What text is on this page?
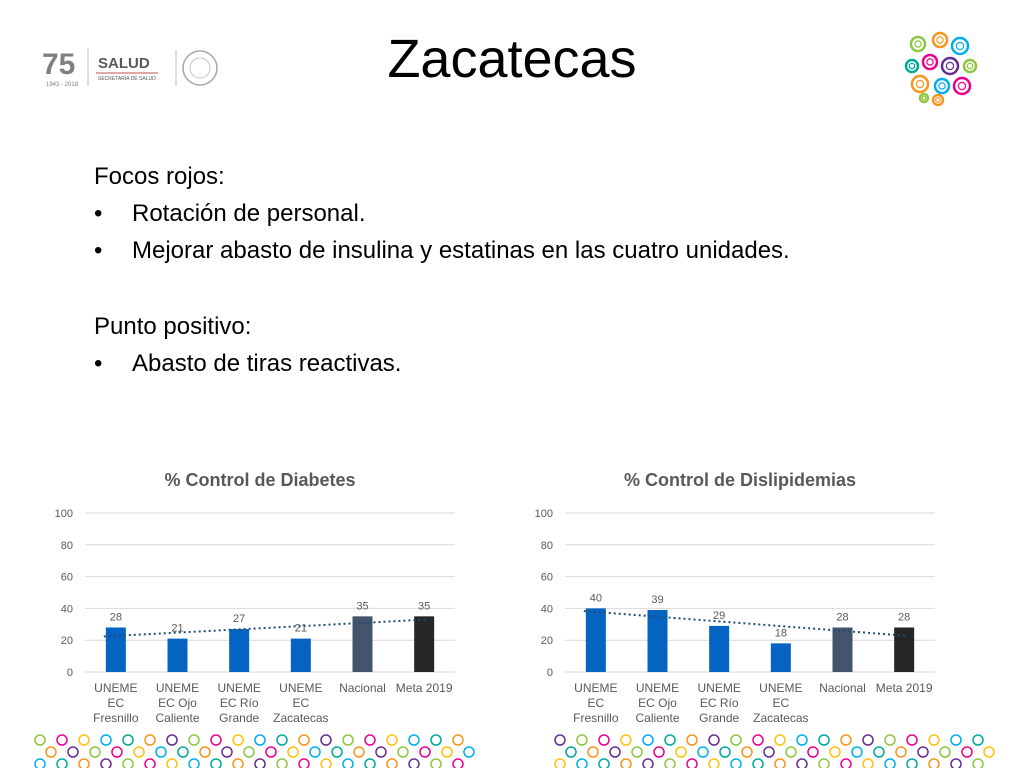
75
1943 - 2018
SALUD
SECRETARÍA DE SALUD	Zacatecas

Focos rojos:

•	Rotación de personal.
•	Mejorar abasto de insulina y estatinas en las cuatro unidades.

Punto positivo:

•	Abasto de tiras reactivas.
% Control de Diabetes
0
20
40
60
80
100
28
UNEME
EC
Fresnillo
21
UNEME
EC Ojo
Caliente
27
UNEME
EC Río
Grande
21
UNEME
EC
Zacatecas
35
Nacional
35
Meta 2019
% Control de Dislipidemias
0
20
40
60
80
100
40
UNEME
EC
Fresnillo
39
UNEME
EC Ojo
Caliente
29
UNEME
EC Río
Grande
18
UNEME
EC
Zacatecas
28
Nacional
28
Meta 2019
